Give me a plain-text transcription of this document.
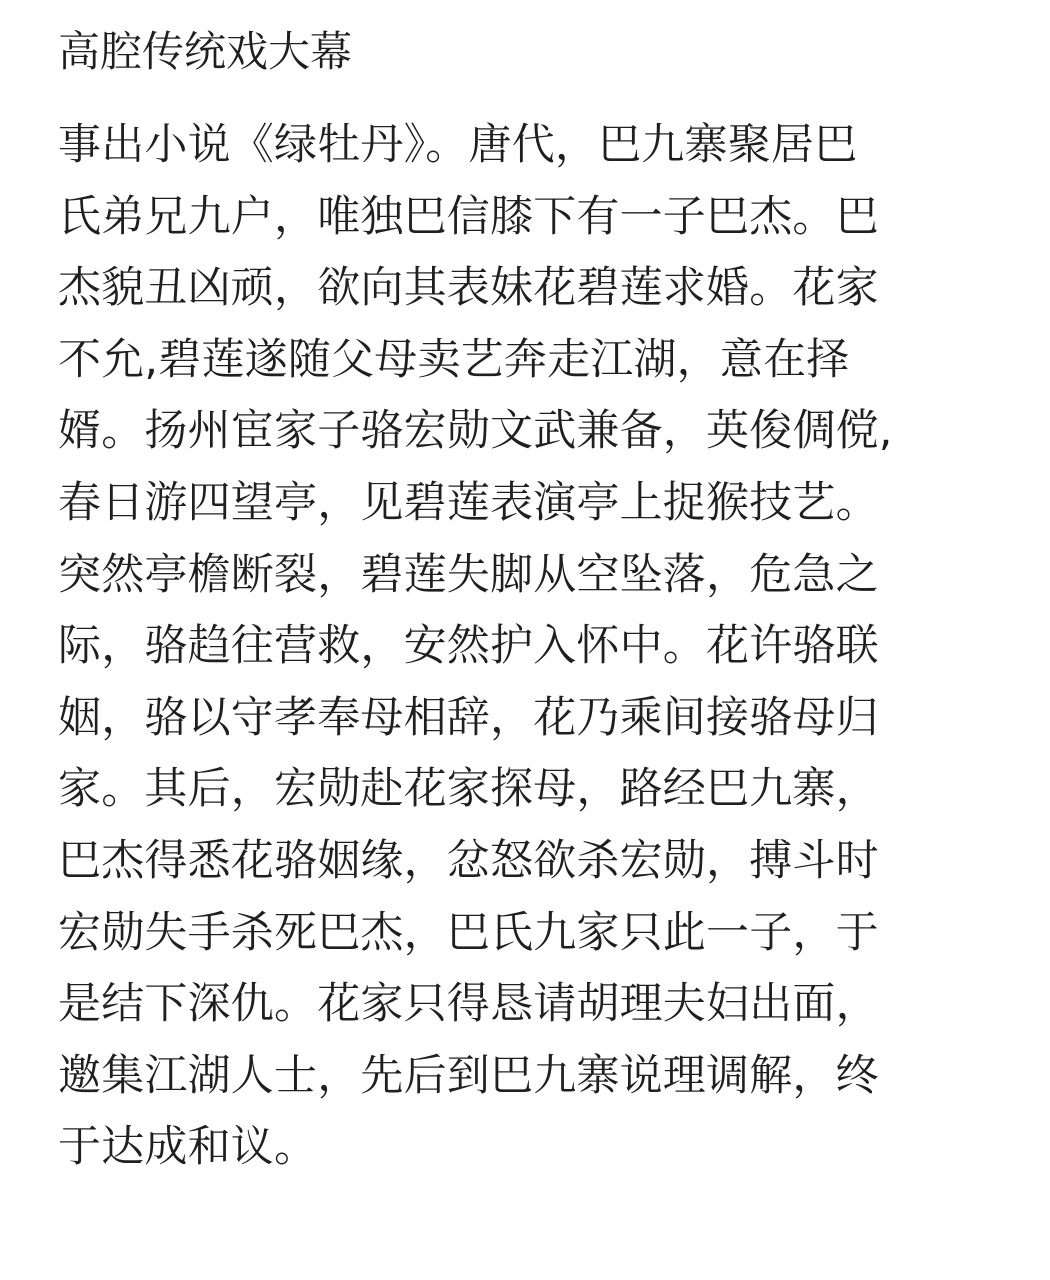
高腔传统戏大幕
事出小说《绿牡丹》。唐代，巴九寨聚居巴
氏弟兄九户，唯独巴信膝下有一子巴杰。巴
杰貌丑凶顽，欲向其表妹花碧莲求婚。花家
不允,碧莲遂随父母卖艺奔走江湖，意在择
婿。扬州宦家子骆宏勋文武兼备，英俊倜傥,
春日游四望亭，见碧莲表演亭上捉猴技艺。
突然亭檐断裂，碧莲失脚从空坠落，危急之
际，骆趋往营救，安然护入怀中。花许骆联
姻，骆以守孝奉母相辞，花乃乘间接骆母归
家。其后，宏勋赴花家探母，路经巴九寨，
巴杰得悉花骆姻缘，忿怒欲杀宏勋，搏斗时
宏勋失手杀死巴杰，巴氏九家只此一子，于
是结下深仇。花家只得恳请胡理夫妇出面，
邀集江湖人士，先后到巴九寨说理调解，终
于达成和议。
